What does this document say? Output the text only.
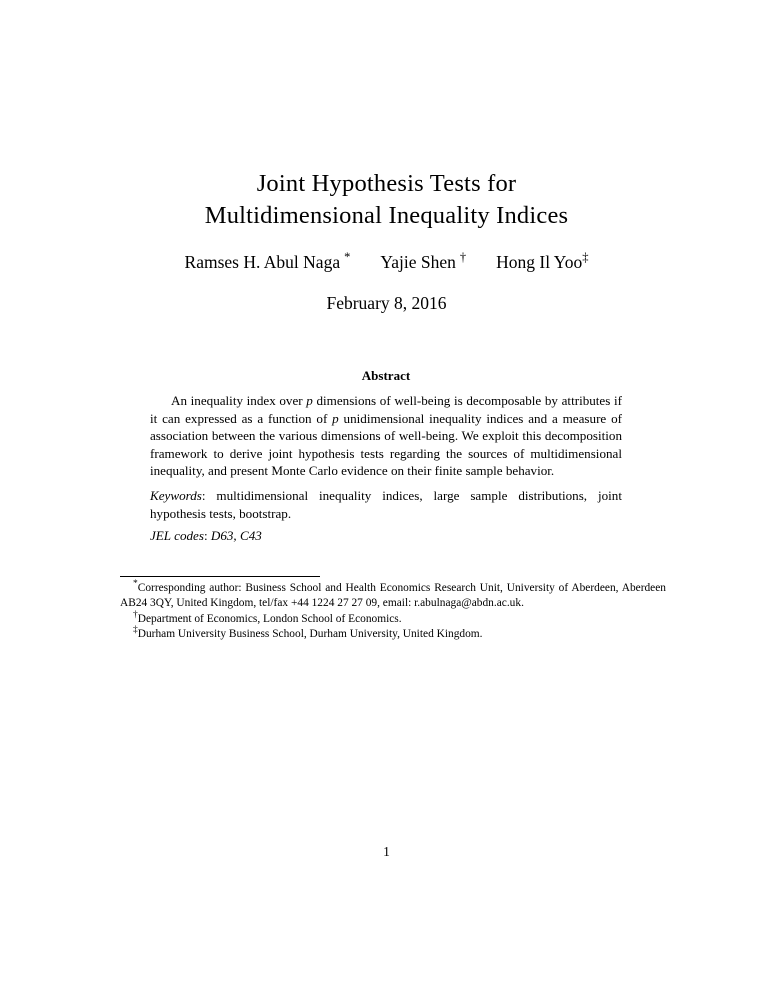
Joint Hypothesis Tests for
Multidimensional Inequality Indices
Ramses H. Abul Naga * Yajie Shen † Hong Il Yoo‡
February 8, 2016
Abstract

An inequality index over p dimensions of well-being is decomposable by attributes if it can expressed as a function of p unidimensional inequality indices and a measure of association between the various dimensions of well-being. We exploit this decomposition framework to derive joint hypothesis tests regarding the sources of multidimensional inequality, and present Monte Carlo evidence on their finite sample behavior.

Keywords: multidimensional inequality indices, large sample distributions, joint hypothesis tests, bootstrap.

JEL codes: D63, C43

*Corresponding author: Business School and Health Economics Research Unit, University of Aberdeen, Aberdeen AB24 3QY, United Kingdom, tel/fax +44 1224 27 27 09, email: r.abulnaga@abdn.ac.uk.

†Department of Economics, London School of Economics.

‡Durham University Business School, Durham University, United Kingdom.

1
